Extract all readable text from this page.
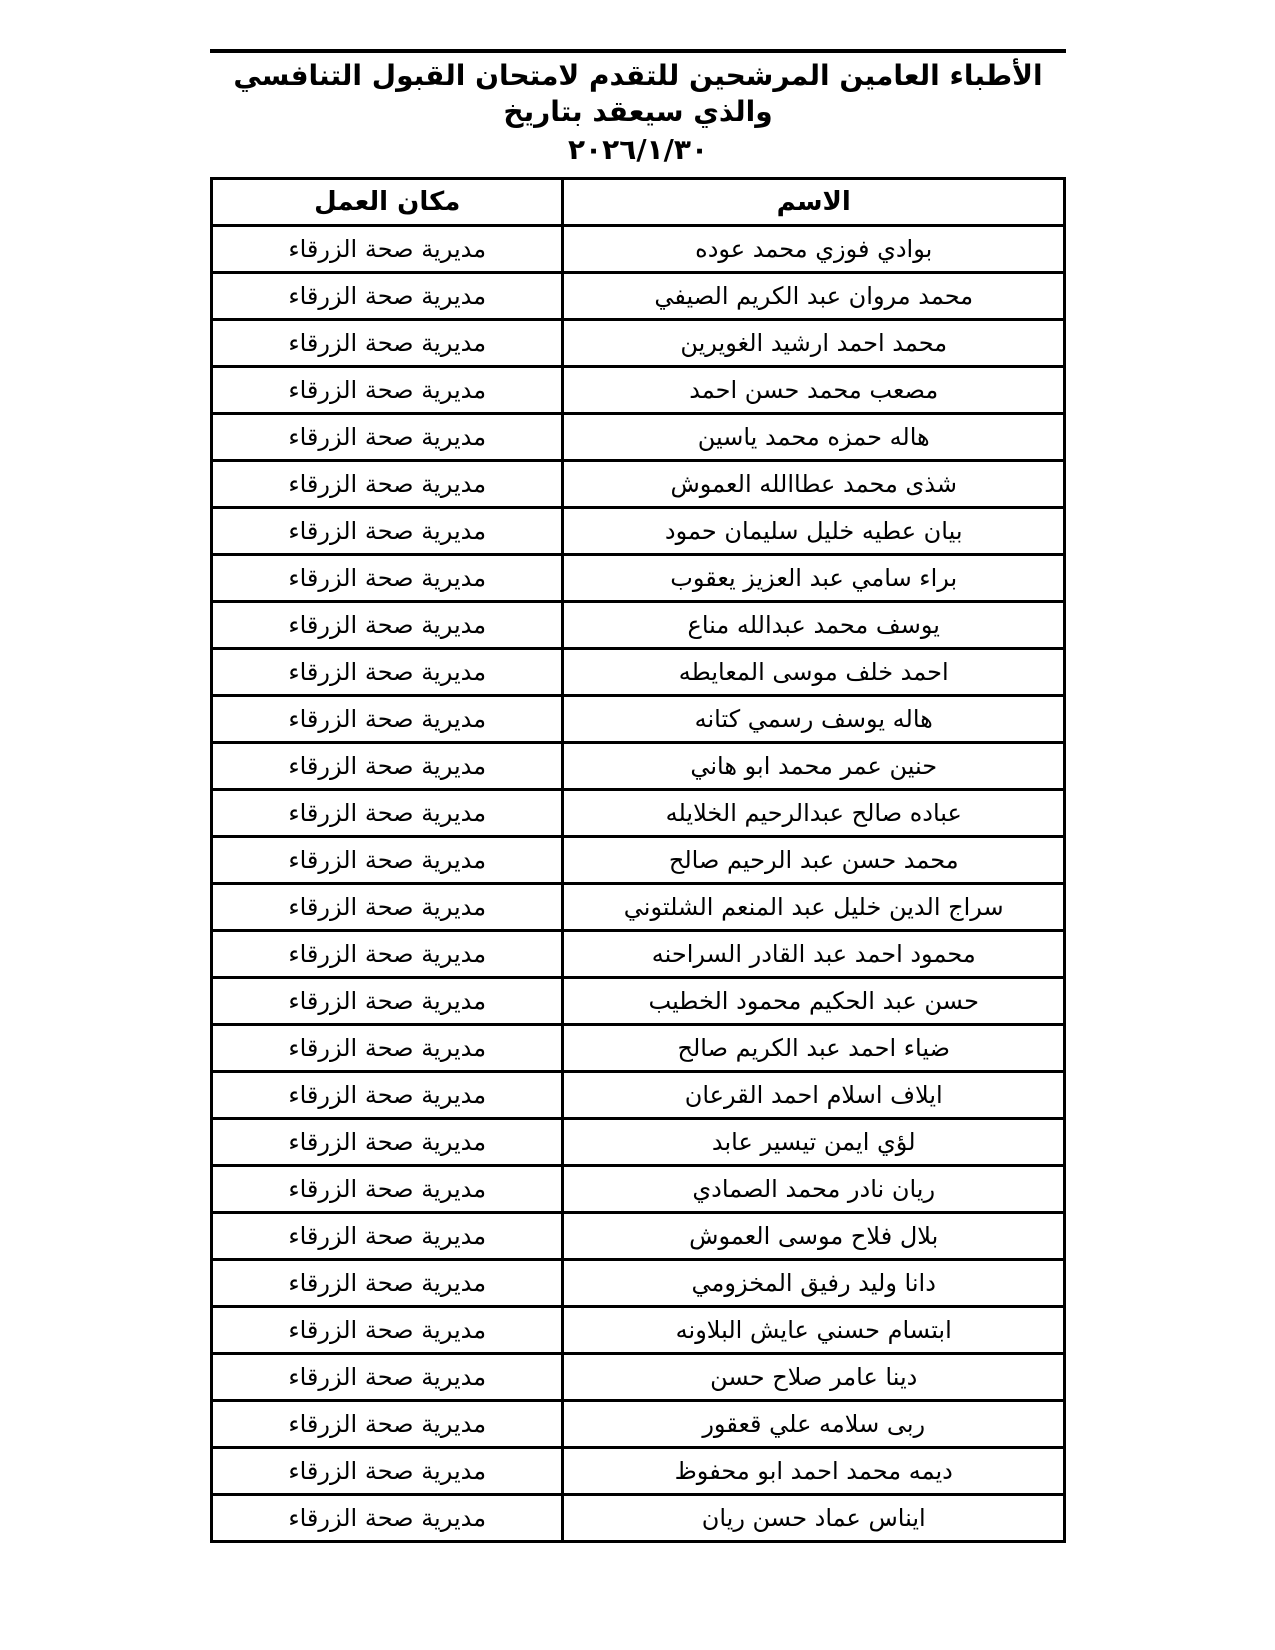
الأطباء العامين المرشحين للتقدم لامتحان القبول التنافسي والذي سيعقد بتاريخ
٢٠٢٦/١/٣٠
الاسم	مكان العمل
بوادي فوزي محمد عوده	مديرية صحة الزرقاء
محمد مروان عبد الكريم الصيفي	مديرية صحة الزرقاء
محمد احمد ارشيد الغويرين	مديرية صحة الزرقاء
مصعب محمد حسن احمد	مديرية صحة الزرقاء
هاله حمزه محمد ياسين	مديرية صحة الزرقاء
شذى محمد عطاالله العموش	مديرية صحة الزرقاء
بيان عطيه خليل سليمان حمود	مديرية صحة الزرقاء
براء سامي عبد العزيز يعقوب	مديرية صحة الزرقاء
يوسف محمد عبدالله مناع	مديرية صحة الزرقاء
احمد خلف موسى المعايطه	مديرية صحة الزرقاء
هاله يوسف رسمي كتانه	مديرية صحة الزرقاء
حنين عمر محمد ابو هاني	مديرية صحة الزرقاء
عباده صالح عبدالرحيم الخلايله	مديرية صحة الزرقاء
محمد حسن عبد الرحيم صالح	مديرية صحة الزرقاء
سراج الدين خليل عبد المنعم الشلتوني	مديرية صحة الزرقاء
محمود احمد عبد القادر السراحنه	مديرية صحة الزرقاء
حسن عبد الحكيم محمود الخطيب	مديرية صحة الزرقاء
ضياء احمد عبد الكريم صالح	مديرية صحة الزرقاء
ايلاف اسلام احمد القرعان	مديرية صحة الزرقاء
لؤي ايمن تيسير عابد	مديرية صحة الزرقاء
ريان نادر محمد الصمادي	مديرية صحة الزرقاء
بلال فلاح موسى العموش	مديرية صحة الزرقاء
دانا وليد رفيق المخزومي	مديرية صحة الزرقاء
ابتسام حسني عايش البلاونه	مديرية صحة الزرقاء
دينا عامر صلاح حسن	مديرية صحة الزرقاء
ربى سلامه علي قعقور	مديرية صحة الزرقاء
ديمه محمد احمد ابو محفوظ	مديرية صحة الزرقاء
ايناس عماد حسن ريان	مديرية صحة الزرقاء
